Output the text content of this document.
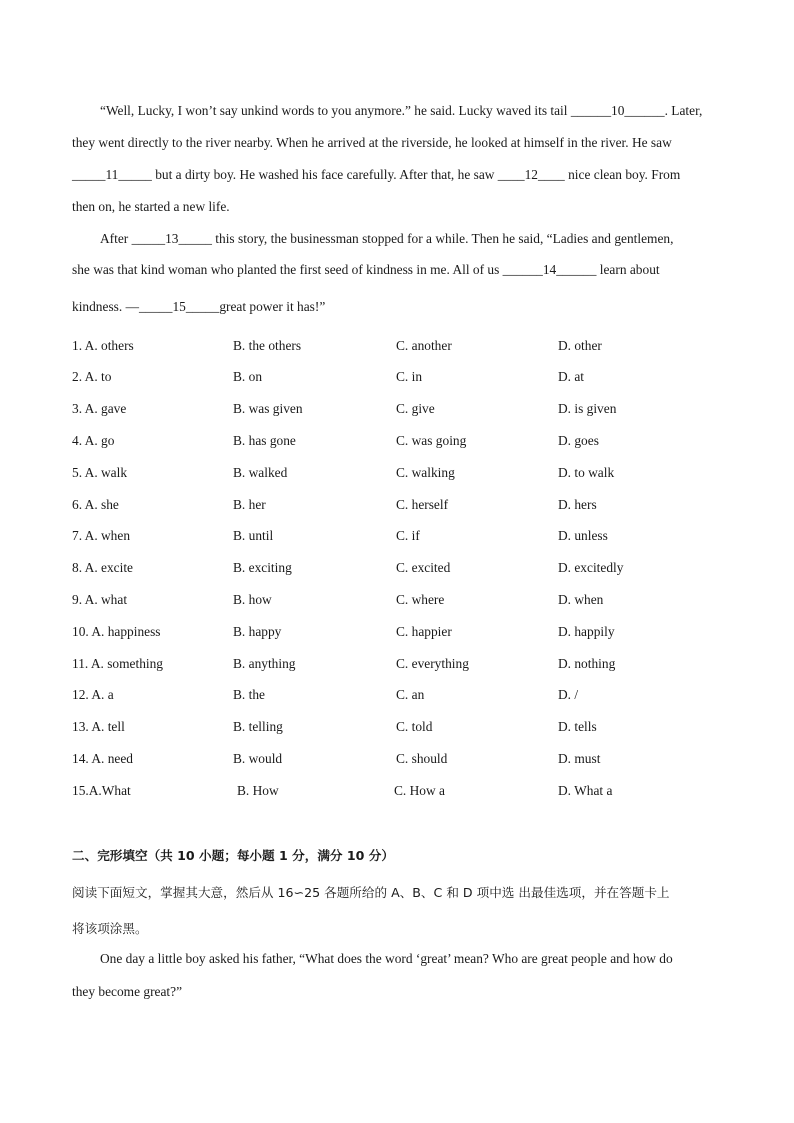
“Well, Lucky, I won’t say unkind words to you anymore.” he said. Lucky waved its tail ______10______. Later,
they went directly to the river nearby. When he arrived at the riverside, he looked at himself in the river. He saw
_____11_____ but a dirty boy. He washed his face carefully. After that, he saw ____12____ nice clean boy. From
then on, he started a new life.
After _____13_____ this story, the businessman stopped for a while. Then he said, “Ladies and gentlemen,
she was that kind woman who planted the first seed of kindness in me. All of us ______14______ learn about
kindness. —_____15_____great power it has!”
1. A. others	B. the others	C. another	D. other
2. A. to	B. on	C. in	D. at
3. A. gave	B. was given	C. give	D. is given
4. A. go	B. has gone	C. was going	D. goes
5. A. walk	B. walked	C. walking	D. to walk
6. A. she	B. her	C. herself	D. hers
7. A. when	B. until	C. if	D. unless
8. A. excite	B. exciting	C. excited	D. excitedly
9. A. what	B. how	C. where	D. when
10. A. happiness	B. happy	C. happier	D. happily
11. A. something	B. anything	C. everything	D. nothing
12. A. a	B. the	C. an	D. /
13. A. tell	B. telling	C. told	D. tells
14. A. need	B. would	C. should	D. must
15.A.What	B. How	C. How a	D. What a
二、完形填空（共 10 小题；每小题 1 分，满分 10 分）
阅读下面短文，掌握其大意，然后从 16∽25 各题所给的 A、B、C 和 D 项中选 出最佳选项，并在答题卡上
将该项涂黑。
One day a little boy asked his father, “What does the word ‘great’ mean? Who are great people and how do
they become great?”
